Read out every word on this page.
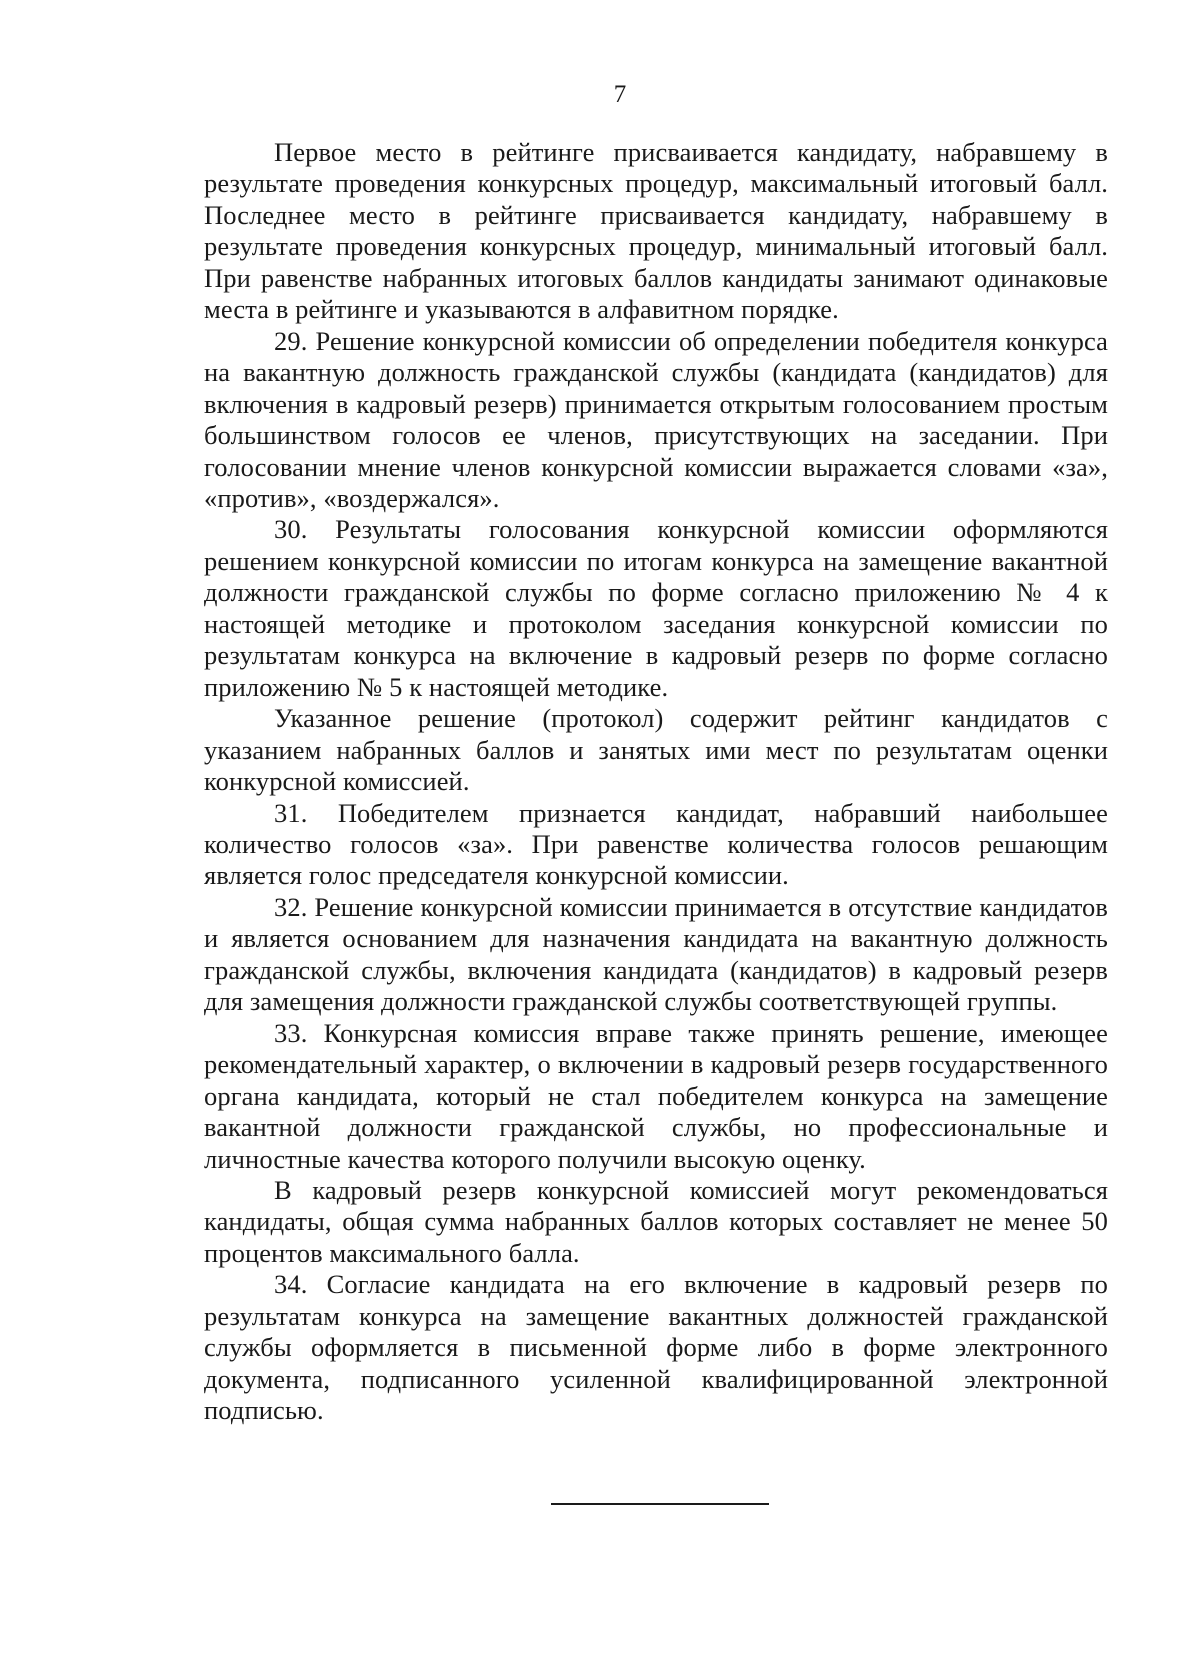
7

Первое место в рейтинге присваивается кандидату, набравшему в результате проведения конкурсных процедур, максимальный итоговый балл. Последнее место в рейтинге присваивается кандидату, набравшему в результате проведения конкурсных процедур, минимальный итоговый балл. При равенстве набранных итоговых баллов кандидаты занимают одинаковые места в рейтинге и указываются в алфавитном порядке.

29. Решение конкурсной комиссии об определении победителя конкурса на вакантную должность гражданской службы (кандидата (кандидатов) для включения в кадровый резерв) принимается открытым голосованием простым большинством голосов ее членов, присутствующих на заседании. При голосовании мнение членов конкурсной комиссии выражается словами «за», «против», «воздержался».

30. Результаты голосования конкурсной комиссии оформляются решением конкурсной комиссии по итогам конкурса на замещение вакантной должности гражданской службы по форме согласно приложению № 4 к настоящей методике и протоколом заседания конкурсной комиссии по результатам конкурса на включение в кадровый резерв по форме согласно приложению № 5 к настоящей методике.

Указанное решение (протокол) содержит рейтинг кандидатов с указанием набранных баллов и занятых ими мест по результатам оценки конкурсной комиссией.

31. Победителем признается кандидат, набравший наибольшее количество голосов «за». При равенстве количества голосов решающим является голос председателя конкурсной комиссии.

32. Решение конкурсной комиссии принимается в отсутствие кандидатов и является основанием для назначения кандидата на вакантную должность гражданской службы, включения кандидата (кандидатов) в кадровый резерв для замещения должности гражданской службы соответствующей группы.

33. Конкурсная комиссия вправе также принять решение, имеющее рекомендательный характер, о включении в кадровый резерв государственного органа кандидата, который не стал победителем конкурса на замещение вакантной должности гражданской службы, но профессиональные и личностные качества которого получили высокую оценку.

В кадровый резерв конкурсной комиссией могут рекомендоваться кандидаты, общая сумма набранных баллов которых составляет не менее 50 процентов максимального балла.

34. Согласие кандидата на его включение в кадровый резерв по результатам конкурса на замещение вакантных должностей гражданской службы оформляется в письменной форме либо в форме электронного документа, подписанного усиленной квалифицированной электронной подписью.
